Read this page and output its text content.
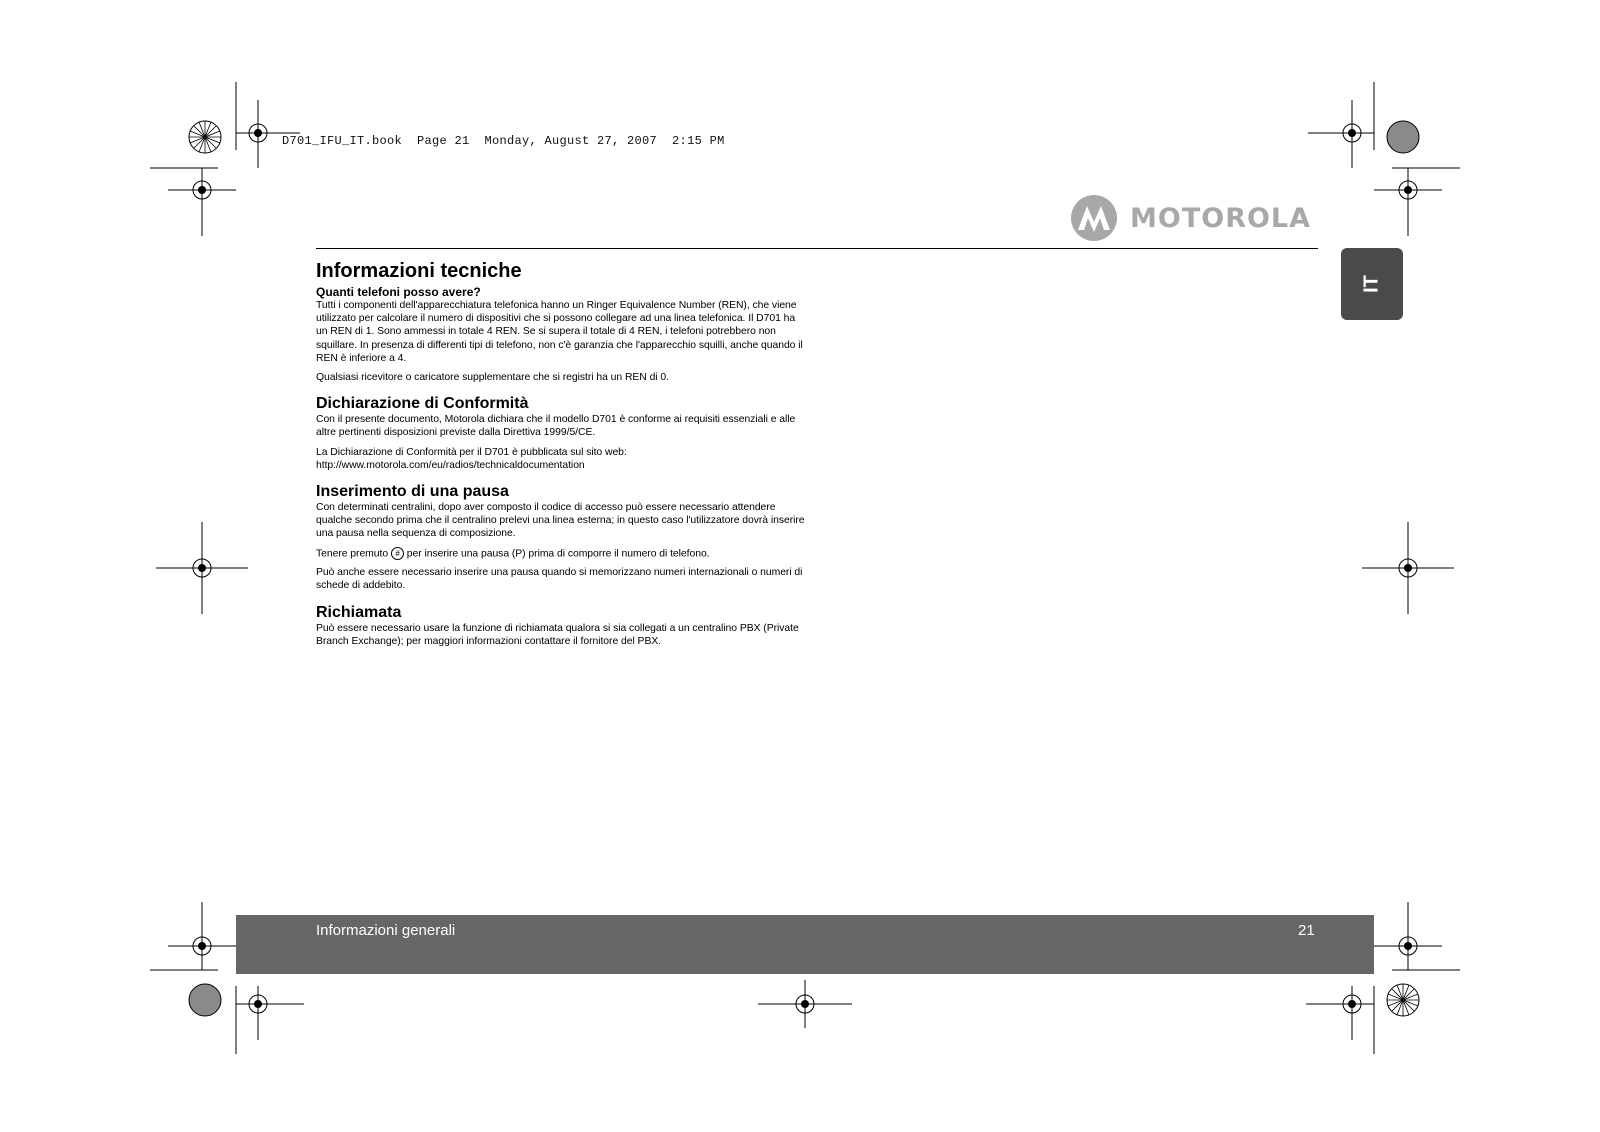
D701_IFU_IT.book  Page 21  Monday, August 27, 2007  2:15 PM
MOTOROLA
IT
Informazioni tecniche
Quanti telefoni posso avere?

Tutti i componenti dell'apparecchiatura telefonica hanno un Ringer Equivalence Number (REN), che viene utilizzato per calcolare il numero di dispositivi che si possono collegare ad una linea telefonica. Il D701 ha un REN di 1. Sono ammessi in totale 4 REN. Se si supera il totale di 4 REN, i telefoni potrebbero non squillare. In presenza di differenti tipi di telefono, non c'è garanzia che l'apparecchio squilli, anche quando il REN è inferiore a 4.

Qualsiasi ricevitore o caricatore supplementare che si registri ha un REN di 0.

Dichiarazione di Conformità

Con il presente documento, Motorola dichiara che il modello D701 è conforme ai requisiti essenziali e alle altre pertinenti disposizioni previste dalla Direttiva 1999/5/CE.

La Dichiarazione di Conformità per il D701 è pubblicata sul sito web: http://www.motorola.com/eu/radios/technicaldocumentation

Inserimento di una pausa

Con determinati centralini, dopo aver composto il codice di accesso può essere necessario attendere qualche secondo prima che il centralino prelevi una linea esterna; in questo caso l'utilizzatore dovrà inserire una pausa nella sequenza di composizione.

Tenere premuto # per inserire una pausa (P) prima di comporre il numero di telefono.

Può anche essere necessario inserire una pausa quando si memorizzano numeri internazionali o numeri di schede di addebito.

Richiamata

Può essere necessario usare la funzione di richiamata qualora si sia collegati a un centralino PBX (Private Branch Exchange); per maggiori informazioni contattare il fornitore del PBX.

Informazioni generali	21
